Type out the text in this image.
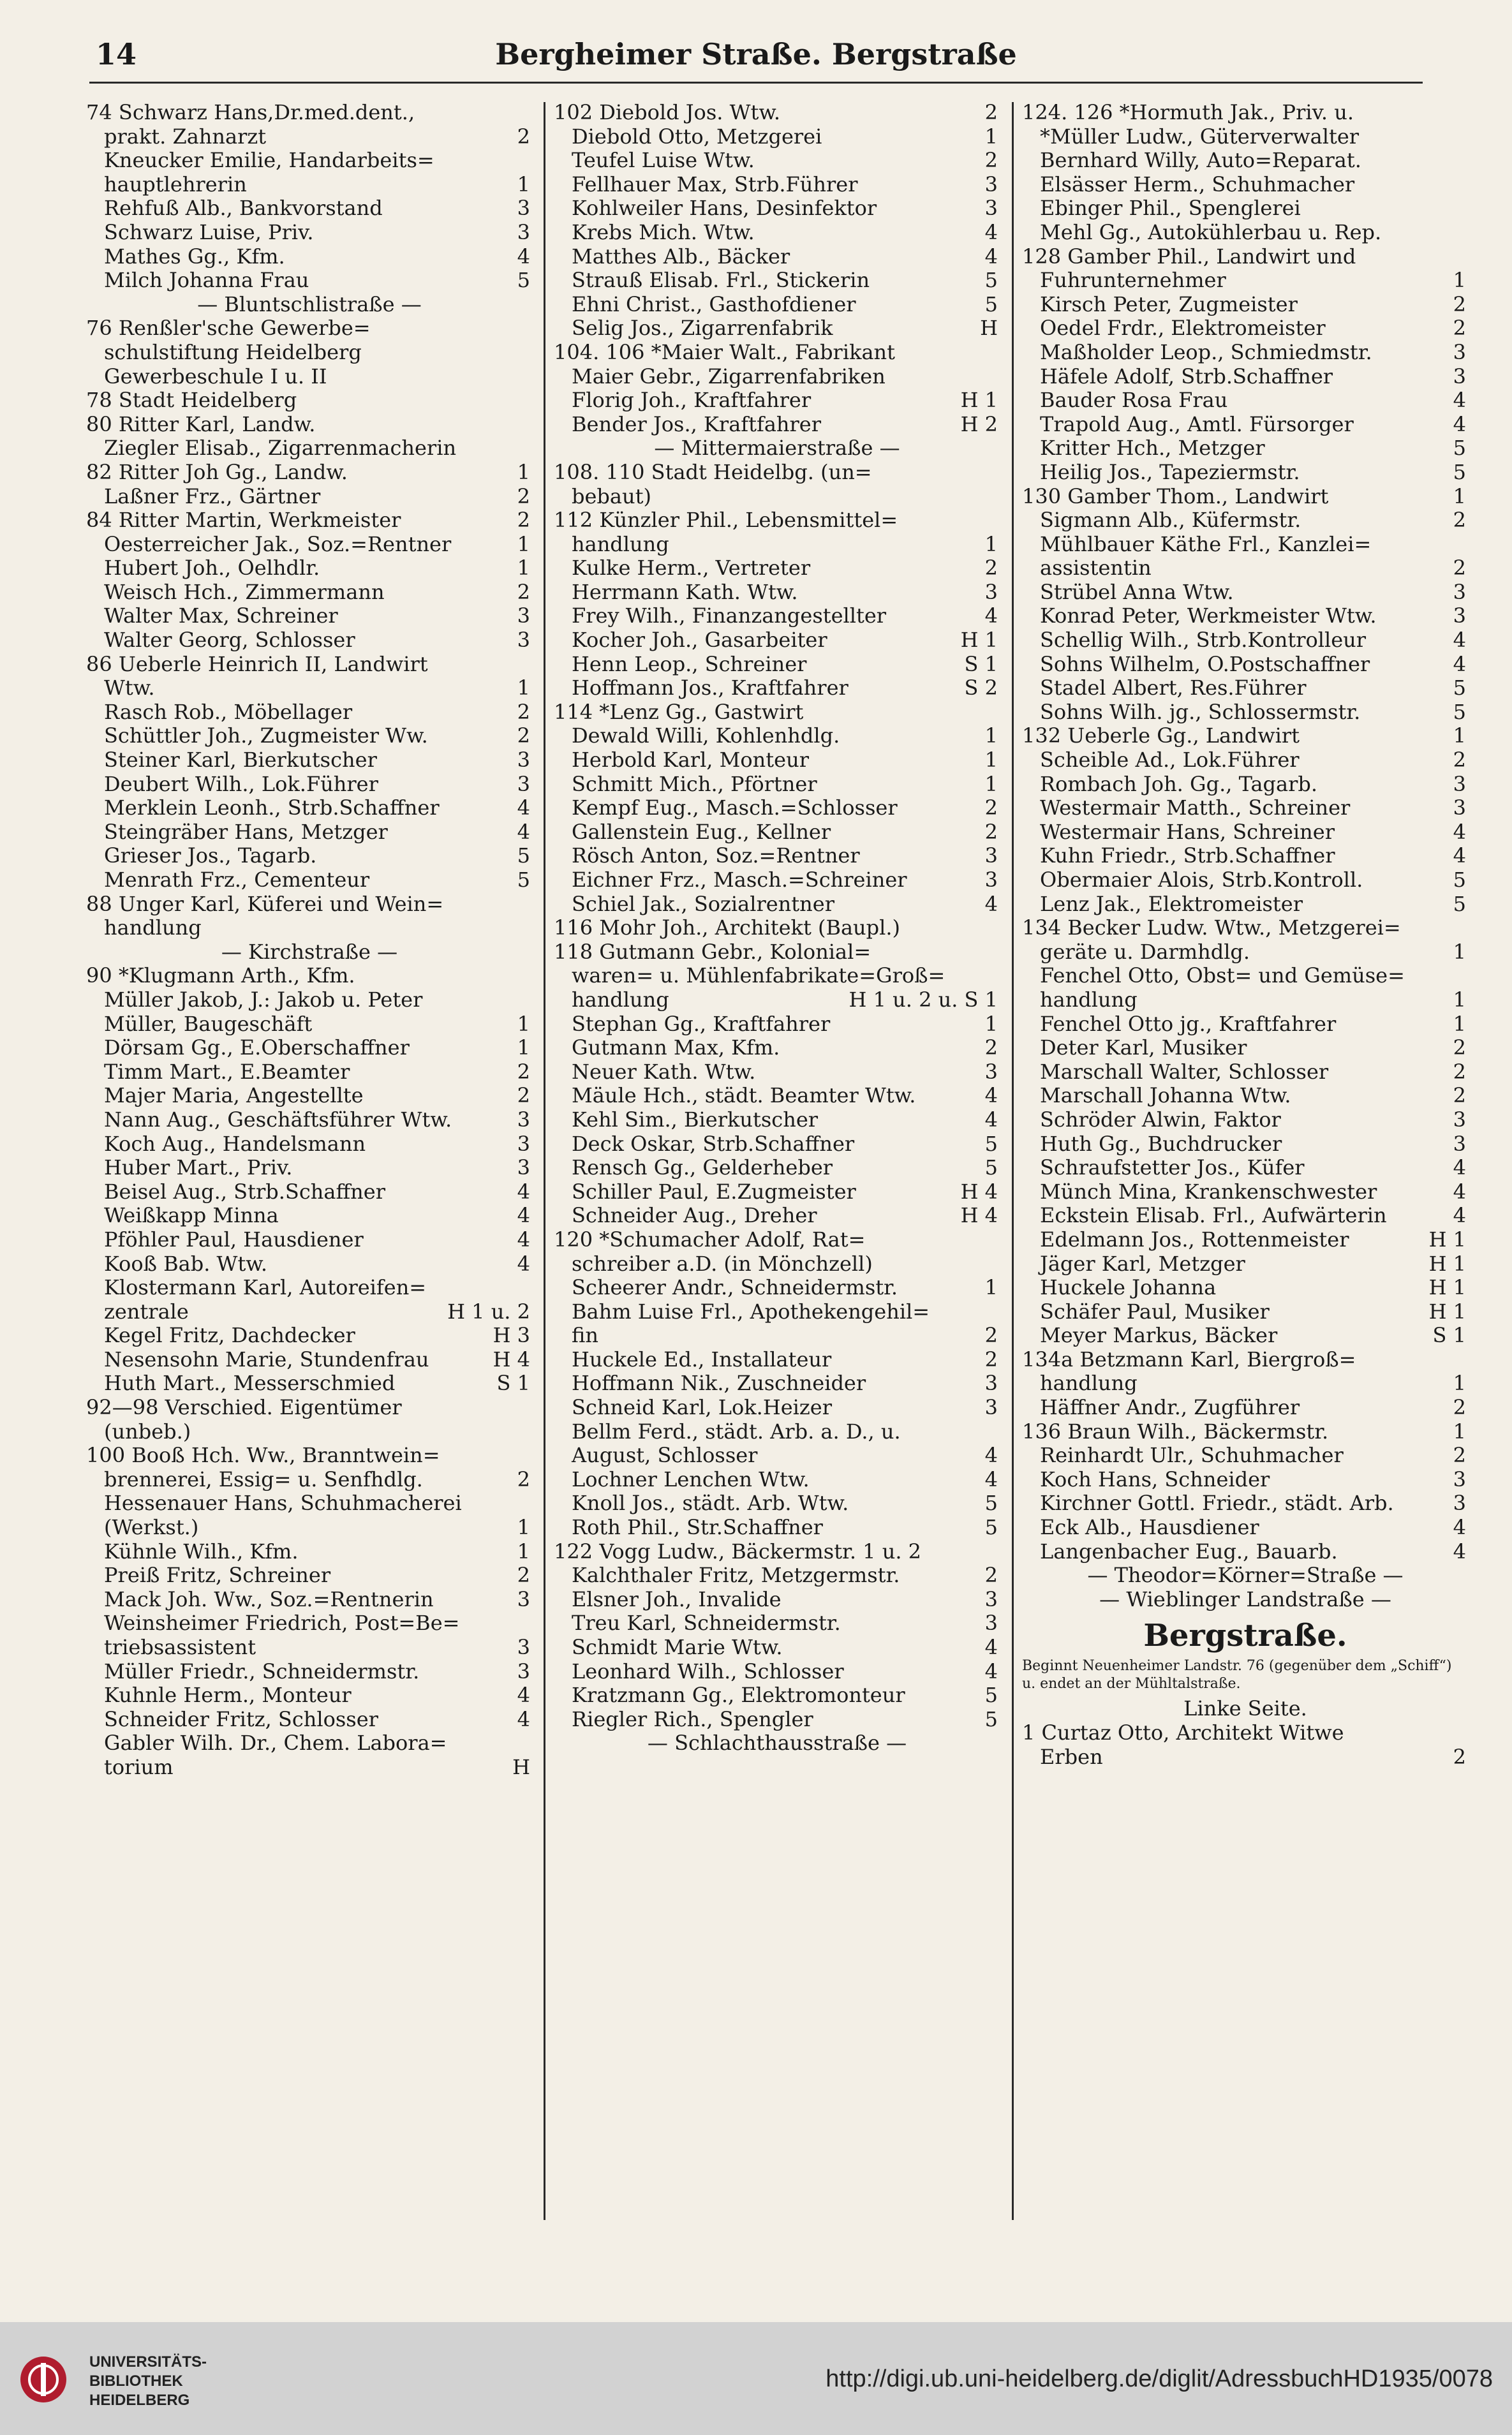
14	Bergheimer Straße. Bergstraße
74 Schwarz Hans,Dr.med.dent.,
prakt. Zahnarzt	2
Kneucker Emilie, Handarbeits=
hauptlehrerin	1
Rehfuß Alb., Bankvorstand	3
Schwarz Luise, Priv.	3
Mathes Gg., Kfm.	4
Milch Johanna Frau	5
— Bluntschlistraße —
76 Renßler'sche Gewerbe=
schulstiftung Heidelberg
Gewerbeschule I u. II
78 Stadt Heidelberg
80 Ritter Karl, Landw.
Ziegler Elisab., Zigarrenmacherin
82 Ritter Joh Gg., Landw.	1
Laßner Frz., Gärtner	2
84 Ritter Martin, Werkmeister	2
Oesterreicher Jak., Soz.=Rentner	1
Hubert Joh., Oelhdlr.	1
Weisch Hch., Zimmermann	2
Walter Max, Schreiner	3
Walter Georg, Schlosser	3
86 Ueberle Heinrich II, Landwirt
Wtw.	1
Rasch Rob., Möbellager	2
Schüttler Joh., Zugmeister Ww.	2
Steiner Karl, Bierkutscher	3
Deubert Wilh., Lok.Führer	3
Merklein Leonh., Strb.Schaffner	4
Steingräber Hans, Metzger	4
Grieser Jos., Tagarb.	5
Menrath Frz., Cementeur	5
88 Unger Karl, Küferei und Wein=
handlung
— Kirchstraße —
90 *Klugmann Arth., Kfm.
Müller Jakob, J.: Jakob u. Peter
Müller, Baugeschäft	1
Dörsam Gg., E.Oberschaffner	1
Timm Mart., E.Beamter	2
Majer Maria, Angestellte	2
Nann Aug., Geschäftsführer Wtw.	3
Koch Aug., Handelsmann	3
Huber Mart., Priv.	3
Beisel Aug., Strb.Schaffner	4
Weißkapp Minna	4
Pföhler Paul, Hausdiener	4
Kooß Bab. Wtw.	4
Klostermann Karl, Autoreifen=
zentrale	H 1 u. 2
Kegel Fritz, Dachdecker	H 3
Nesensohn Marie, Stundenfrau	H 4
Huth Mart., Messerschmied	S 1
92—98 Verschied. Eigentümer
(unbeb.)
100 Booß Hch. Ww., Branntwein=
brennerei, Essig= u. Senfhdlg.	2
Hessenauer Hans, Schuhmacherei
(Werkst.)	1
Kühnle Wilh., Kfm.	1
Preiß Fritz, Schreiner	2
Mack Joh. Ww., Soz.=Rentnerin	3
Weinsheimer Friedrich, Post=Be=
triebsassistent	3
Müller Friedr., Schneidermstr.	3
Kuhnle Herm., Monteur	4
Schneider Fritz, Schlosser	4
Gabler Wilh. Dr., Chem. Labora=
torium	H
102 Diebold Jos. Wtw.	2
Diebold Otto, Metzgerei	1
Teufel Luise Wtw.	2
Fellhauer Max, Strb.Führer	3
Kohlweiler Hans, Desinfektor	3
Krebs Mich. Wtw.	4
Matthes Alb., Bäcker	4
Strauß Elisab. Frl., Stickerin	5
Ehni Christ., Gasthofdiener	5
Selig Jos., Zigarrenfabrik	H
104. 106 *Maier Walt., Fabrikant
Maier Gebr., Zigarrenfabriken
Florig Joh., Kraftfahrer	H 1
Bender Jos., Kraftfahrer	H 2
— Mittermaierstraße —
108. 110 Stadt Heidelbg. (un=
bebaut)
112 Künzler Phil., Lebensmittel=
handlung	1
Kulke Herm., Vertreter	2
Herrmann Kath. Wtw.	3
Frey Wilh., Finanzangestellter	4
Kocher Joh., Gasarbeiter	H 1
Henn Leop., Schreiner	S 1
Hoffmann Jos., Kraftfahrer	S 2
114 *Lenz Gg., Gastwirt
Dewald Willi, Kohlenhdlg.	1
Herbold Karl, Monteur	1
Schmitt Mich., Pförtner	1
Kempf Eug., Masch.=Schlosser	2
Gallenstein Eug., Kellner	2
Rösch Anton, Soz.=Rentner	3
Eichner Frz., Masch.=Schreiner	3
Schiel Jak., Sozialrentner	4
116 Mohr Joh., Architekt (Baupl.)
118 Gutmann Gebr., Kolonial=
waren= u. Mühlenfabrikate=Groß=
handlung	H 1 u. 2 u. S 1
Stephan Gg., Kraftfahrer	1
Gutmann Max, Kfm.	2
Neuer Kath. Wtw.	3
Mäule Hch., städt. Beamter Wtw.	4
Kehl Sim., Bierkutscher	4
Deck Oskar, Strb.Schaffner	5
Rensch Gg., Gelderheber	5
Schiller Paul, E.Zugmeister	H 4
Schneider Aug., Dreher	H 4
120 *Schumacher Adolf, Rat=
schreiber a.D. (in Mönchzell)
Scheerer Andr., Schneidermstr.	1
Bahm Luise Frl., Apothekengehil=
fin	2
Huckele Ed., Installateur	2
Hoffmann Nik., Zuschneider	3
Schneid Karl, Lok.Heizer	3
Bellm Ferd., städt. Arb. a. D., u.
August, Schlosser	4
Lochner Lenchen Wtw.	4
Knoll Jos., städt. Arb. Wtw.	5
Roth Phil., Str.Schaffner	5
122 Vogg Ludw., Bäckermstr. 1 u. 2
Kalchthaler Fritz, Metzgermstr.	2
Elsner Joh., Invalide	3
Treu Karl, Schneidermstr.	3
Schmidt Marie Wtw.	4
Leonhard Wilh., Schlosser	4
Kratzmann Gg., Elektromonteur	5
Riegler Rich., Spengler	5
— Schlachthausstraße —
124. 126 *Hormuth Jak., Priv. u.
*Müller Ludw., Güterverwalter
Bernhard Willy, Auto=Reparat.
Elsässer Herm., Schuhmacher
Ebinger Phil., Spenglerei
Mehl Gg., Autokühlerbau u. Rep.
128 Gamber Phil., Landwirt und
Fuhrunternehmer	1
Kirsch Peter, Zugmeister	2
Oedel Frdr., Elektromeister	2
Maßholder Leop., Schmiedmstr.	3
Häfele Adolf, Strb.Schaffner	3
Bauder Rosa Frau	4
Trapold Aug., Amtl. Fürsorger	4
Kritter Hch., Metzger	5
Heilig Jos., Tapeziermstr.	5
130 Gamber Thom., Landwirt	1
Sigmann Alb., Küfermstr.	2
Mühlbauer Käthe Frl., Kanzlei=
assistentin	2
Strübel Anna Wtw.	3
Konrad Peter, Werkmeister Wtw.	3
Schellig Wilh., Strb.Kontrolleur	4
Sohns Wilhelm, O.Postschaffner	4
Stadel Albert, Res.Führer	5
Sohns Wilh. jg., Schlossermstr.	5
132 Ueberle Gg., Landwirt	1
Scheible Ad., Lok.Führer	2
Rombach Joh. Gg., Tagarb.	3
Westermair Matth., Schreiner	3
Westermair Hans, Schreiner	4
Kuhn Friedr., Strb.Schaffner	4
Obermaier Alois, Strb.Kontroll.	5
Lenz Jak., Elektromeister	5
134 Becker Ludw. Wtw., Metzgerei=
geräte u. Darmhdlg.	1
Fenchel Otto, Obst= und Gemüse=
handlung	1
Fenchel Otto jg., Kraftfahrer	1
Deter Karl, Musiker	2
Marschall Walter, Schlosser	2
Marschall Johanna Wtw.	2
Schröder Alwin, Faktor	3
Huth Gg., Buchdrucker	3
Schraufstetter Jos., Küfer	4
Münch Mina, Krankenschwester	4
Eckstein Elisab. Frl., Aufwärterin	4
Edelmann Jos., Rottenmeister	H 1
Jäger Karl, Metzger	H 1
Huckele Johanna	H 1
Schäfer Paul, Musiker	H 1
Meyer Markus, Bäcker	S 1
134a Betzmann Karl, Biergroß=
handlung	1
Häffner Andr., Zugführer	2
136 Braun Wilh., Bäckermstr.	1
Reinhardt Ulr., Schuhmacher	2
Koch Hans, Schneider	3
Kirchner Gottl. Friedr., städt. Arb.	3
Eck Alb., Hausdiener	4
Langenbacher Eug., Bauarb.	4
— Theodor=Körner=Straße —
— Wieblinger Landstraße —
Bergstraße.
Beginnt Neuenheimer Landstr. 76 (gegenüber dem „Schiff“) u. endet an der Mühltalstraße.
Linke Seite.
1 Curtaz Otto, Architekt Witwe
Erben	2
UNIVERSITÄTS-
BIBLIOTHEK
HEIDELBERG
http://digi.ub.uni-heidelberg.de/diglit/AdressbuchHD1935/0078
